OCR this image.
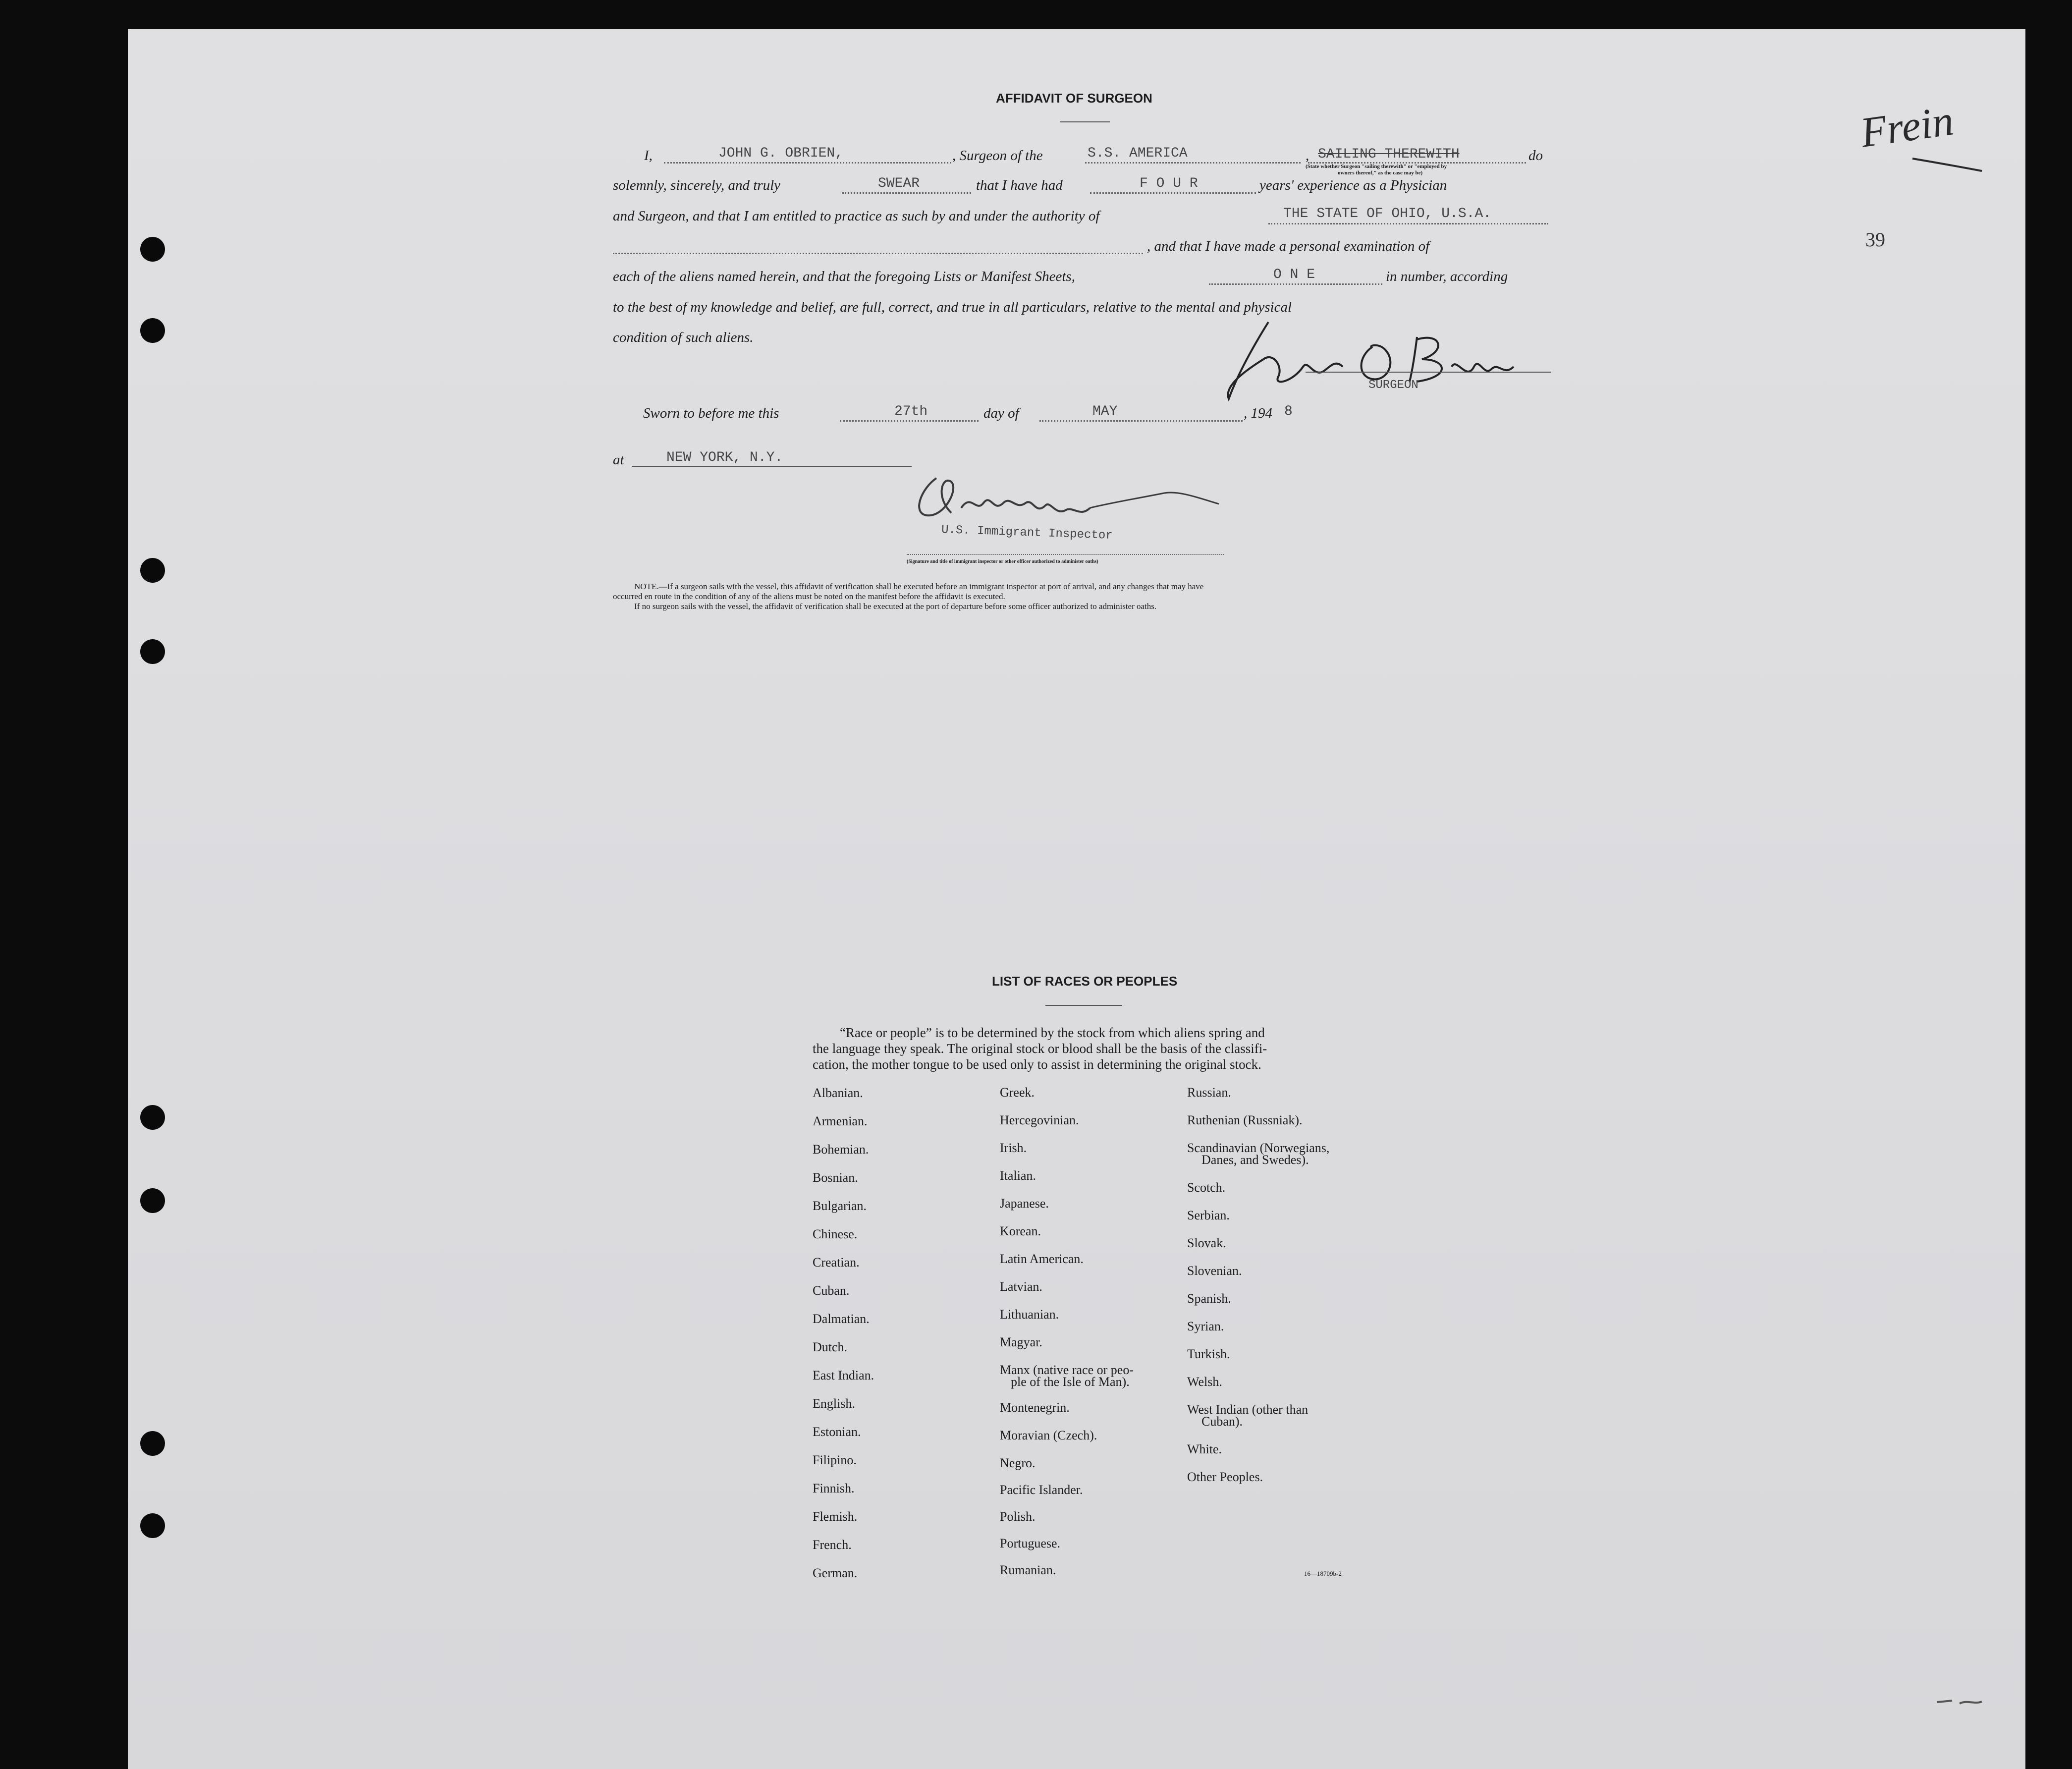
39
Frein
AFFIDAVIT OF SURGEON
I,	JOHN G. OBRIEN,	, Surgeon of the	S.S. AMERICA	, SAILING THEREWITH
(State whether Surgeon "sailing therewith" or "employed by
owners thereof," as the case may be)
do
solemnly, sincerely, and truly	SWEAR	that I have had	F O U R	years' experience as a Physician
and Surgeon, and that I am entitled to practice as such by and under the authority of	THE STATE OF OHIO, U.S.A.
, and that I have made a personal examination of
each of the aliens named herein, and that the foregoing Lists or Manifest Sheets,	O N E	in number, according
to the best of my knowledge and belief, are full, correct, and true in all particulars, relative to the mental and physical
condition of such aliens.
SURGEON
Sworn to before me this	27th	day of	MAY	, 194 8
at	NEW YORK, N.Y.
U.S. Immigrant Inspector
(Signature and title of immigrant inspector or other officer authorized to administer oaths)
NOTE.—If a surgeon sails with the vessel, this affidavit of verification shall be executed before an immigrant inspector at port of arrival, and any changes that may have
occurred en route in the condition of any of the aliens must be noted on the manifest before the affidavit is executed.
If no surgeon sails with the vessel, the affidavit of verification shall be executed at the port of departure before some officer authorized to administer oaths.
LIST OF RACES OR PEOPLES
“Race or people” is to be determined by the stock from which aliens spring and
the language they speak. The original stock or blood shall be the basis of the classifi-
cation, the mother tongue to be used only to assist in determining the original stock.
Albanian.
Armenian.
Bohemian.
Bosnian.
Bulgarian.
Chinese.
Creatian.
Cuban.
Dalmatian.
Dutch.
East Indian.
English.
Estonian.
Filipino.
Finnish.
Flemish.
French.
German.
Greek.
Hercegovinian.
Irish.
Italian.
Japanese.
Korean.
Latin American.
Latvian.
Lithuanian.
Magyar.
Manx (native race or peo-
ple of the Isle of Man).
Montenegrin.
Moravian (Czech).
Negro.
Pacific Islander.
Polish.
Portuguese.
Rumanian.
Russian.
Ruthenian (Russniak).
Scandinavian (Norwegians,
Danes, and Swedes).
Scotch.
Serbian.
Slovak.
Slovenian.
Spanish.
Syrian.
Turkish.
Welsh.
West Indian (other than
Cuban).
White.
Other Peoples.
16—18709b-2
